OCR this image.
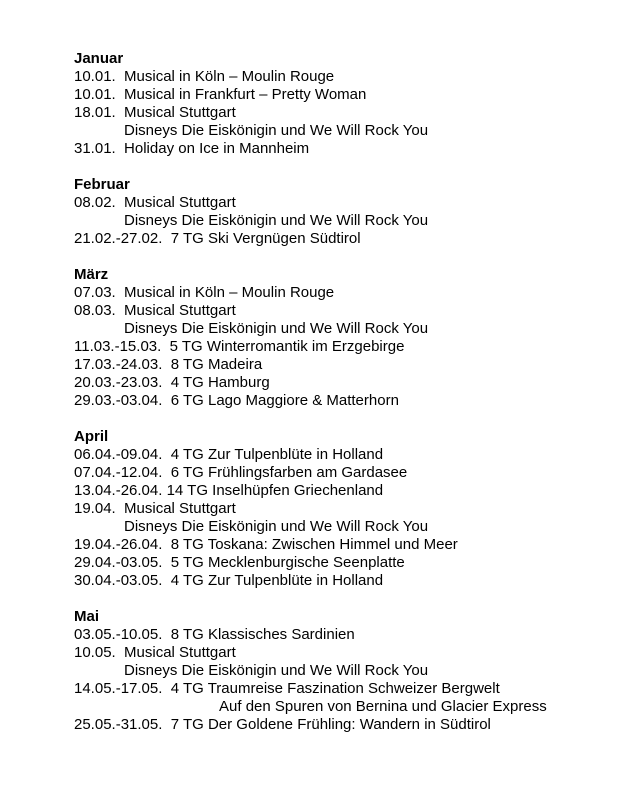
Januar
10.01.  Musical in Köln – Moulin Rouge
10.01.  Musical in Frankfurt – Pretty Woman
18.01.  Musical Stuttgart
Disneys Die Eiskönigin und We Will Rock You
31.01.  Holiday on Ice in Mannheim
Februar
08.02.  Musical Stuttgart
Disneys Die Eiskönigin und We Will Rock You
21.02.-27.02.  7 TG Ski Vergnügen Südtirol
März
07.03.  Musical in Köln – Moulin Rouge
08.03.  Musical Stuttgart
Disneys Die Eiskönigin und We Will Rock You
11.03.-15.03.  5 TG Winterromantik im Erzgebirge
17.03.-24.03.  8 TG Madeira
20.03.-23.03.  4 TG Hamburg
29.03.-03.04.  6 TG Lago Maggiore & Matterhorn
April
06.04.-09.04.  4 TG Zur Tulpenblüte in Holland
07.04.-12.04.  6 TG Frühlingsfarben am Gardasee
13.04.-26.04. 14 TG Inselhüpfen Griechenland
19.04.  Musical Stuttgart
Disneys Die Eiskönigin und We Will Rock You
19.04.-26.04.  8 TG Toskana: Zwischen Himmel und Meer
29.04.-03.05.  5 TG Mecklenburgische Seenplatte
30.04.-03.05.  4 TG Zur Tulpenblüte in Holland
Mai
03.05.-10.05.  8 TG Klassisches Sardinien
10.05.  Musical Stuttgart
Disneys Die Eiskönigin und We Will Rock You
14.05.-17.05.  4 TG Traumreise Faszination Schweizer Bergwelt
Auf den Spuren von Bernina und Glacier Express
25.05.-31.05.  7 TG Der Goldene Frühling: Wandern in Südtirol
